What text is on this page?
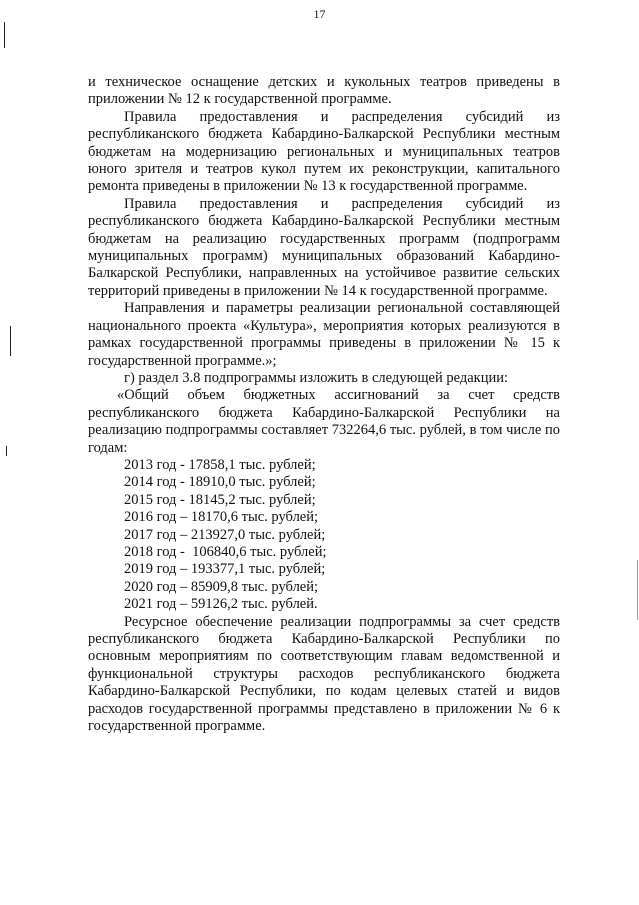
17

и техническое оснащение детских и кукольных театров приведены в приложении № 12 к государственной программе.

Правила предоставления и распределения субсидий из республиканского бюджета Кабардино-Балкарской Республики местным бюджетам на модернизацию региональных и муниципальных театров юного зрителя и театров кукол путем их реконструкции, капитального ремонта приведены в приложении № 13 к государственной программе.

Правила предоставления и распределения субсидий из республиканского бюджета Кабардино-Балкарской Республики местным бюджетам на реализацию государственных программ (подпрограмм муниципальных программ) муниципальных образований Кабардино-Балкарской Республики, направленных на устойчивое развитие сельских территорий приведены в приложении № 14 к государственной программе.

Направления и параметры реализации региональной составляющей национального проекта «Культура», мероприятия которых реализуются в рамках государственной программы приведены в приложении № 15 к государственной программе.»;

г) раздел 3.8 подпрограммы изложить в следующей редакции:

«Общий объем бюджетных ассигнований за счет средств республиканского бюджета Кабардино-Балкарской Республики на реализацию подпрограммы составляет 732264,6 тыс. рублей, в том числе по годам:

2013 год - 17858,1 тыс. рублей;
2014 год - 18910,0 тыс. рублей;
2015 год - 18145,2 тыс. рублей;
2016 год – 18170,6 тыс. рублей;
2017 год – 213927,0 тыс. рублей;
2018 год -  106840,6 тыс. рублей;
2019 год – 193377,1 тыс. рублей;
2020 год – 85909,8 тыс. рублей;
2021 год – 59126,2 тыс. рублей.

Ресурсное обеспечение реализации подпрограммы за счет средств республиканского бюджета Кабардино-Балкарской Республики по основным мероприятиям по соответствующим главам ведомственной и функциональной структуры расходов республиканского бюджета Кабардино-Балкарской Республики, по кодам целевых статей и видов расходов государственной программы представлено в приложении № 6 к государственной программе.
